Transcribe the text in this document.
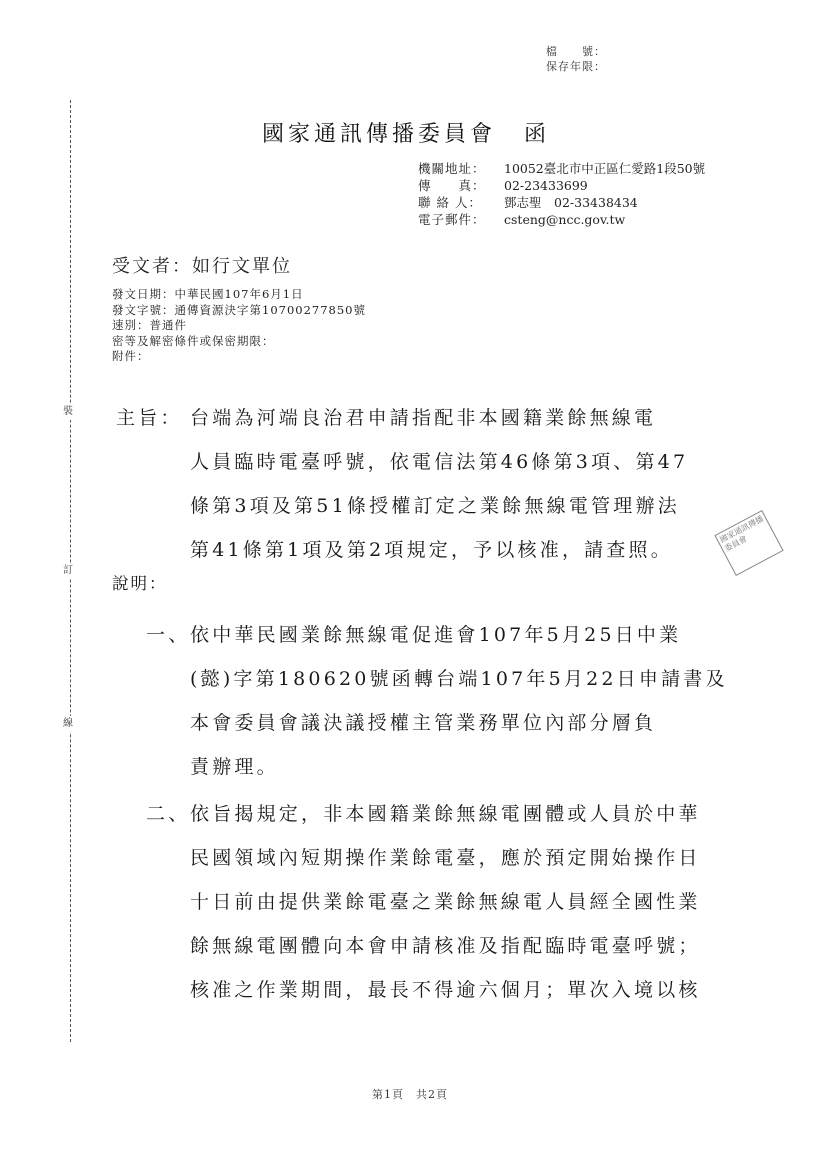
檔　　號：
保存年限：
裝
訂
線
國家通訊傳播委員會 函
機關地址： 10052臺北市中正區仁愛路1段50號
傳　　真： 02-23433699
聯 絡 人： 鄧志聖　02-33438434
電子郵件： csteng@ncc.gov.tw
受文者：如行文單位
發文日期：中華民國107年6月1日
發文字號：通傳資源決字第10700277850號
速別：普通件
密等及解密條件或保密期限：
附件：
主旨： 台端為河端良治君申請指配非本國籍業餘無線電
人員臨時電臺呼號，依電信法第46條第3項、第47
條第3項及第51條授權訂定之業餘無線電管理辦法
第41條第1項及第2項規定，予以核准，請查照。
國家通訊傳播委員會
說明：
一、 依中華民國業餘無線電促進會107年5月25日中業
(懿)字第180620號函轉台端107年5月22日申請書及
本會委員會議決議授權主管業務單位內部分層負
責辦理。
二、 依旨揭規定，非本國籍業餘無線電團體或人員於中華
民國領域內短期操作業餘電臺，應於預定開始操作日
十日前由提供業餘電臺之業餘無線電人員經全國性業
餘無線電團體向本會申請核准及指配臨時電臺呼號；
核准之作業期間，最長不得逾六個月；單次入境以核
第1頁　共2頁
